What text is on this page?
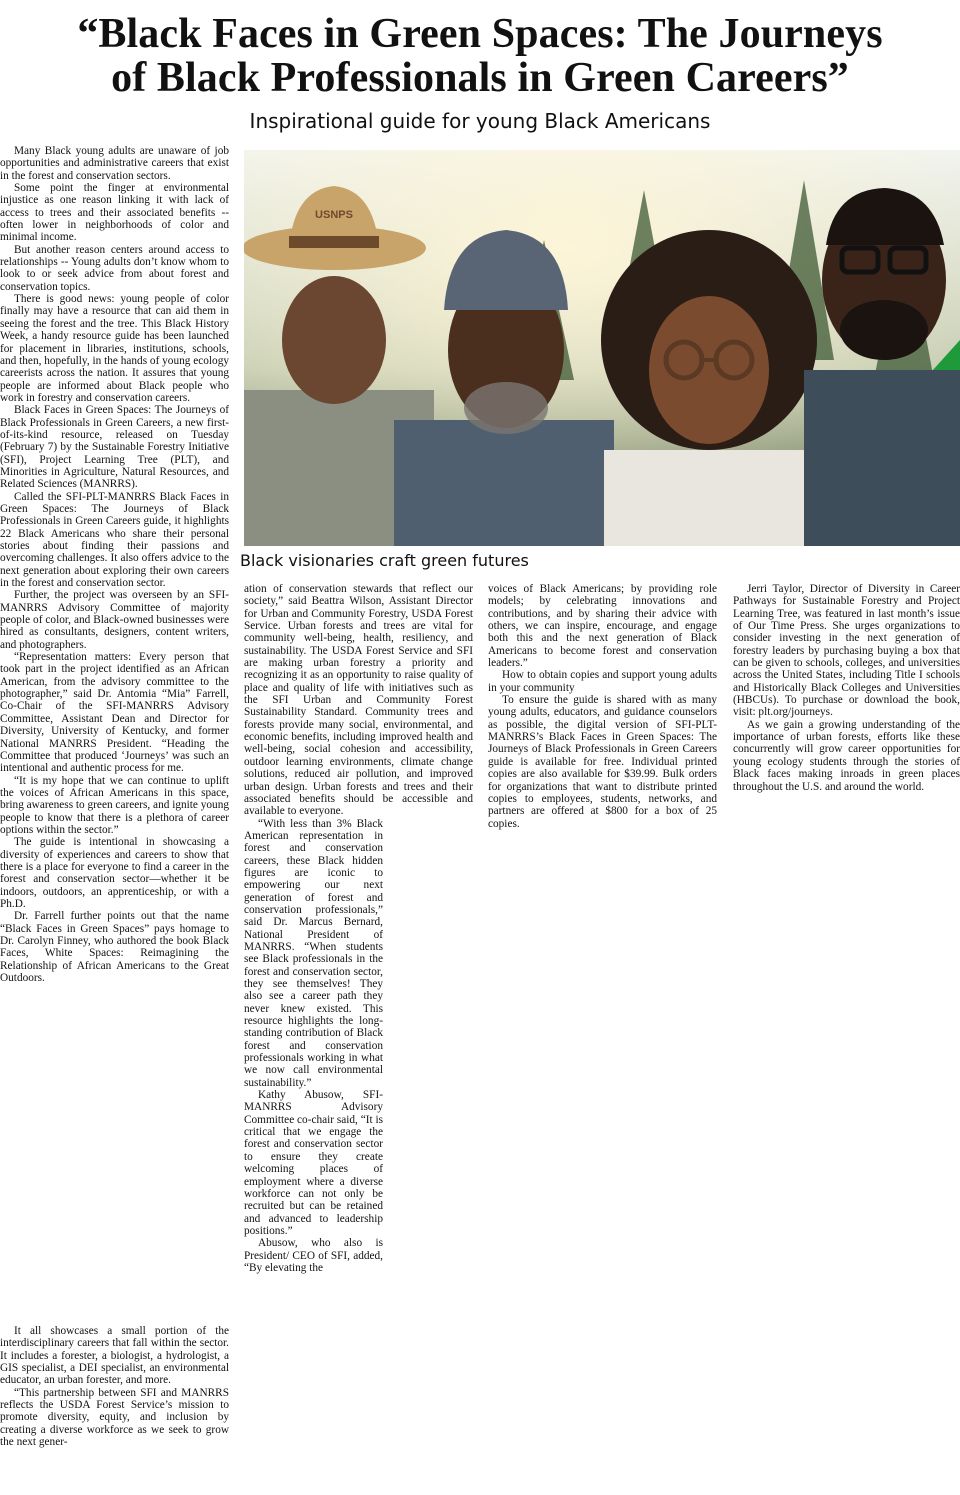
“Black Faces in Green Spaces: The Journeys
of Black Professionals in Green Careers”

Inspirational guide for young Black Americans

Many Black young adults are unaware of job opportunities and administrative careers that exist in the forest and conservation sectors.

Some point the finger at environmental injustice as one reason linking it with lack of access to trees and their associated benefits -- often lower in neighborhoods of color and minimal income.

But another reason centers around access to relationships -- Young adults don’t know whom to look to or seek advice from about forest and conservation topics.

There is good news: young people of color finally may have a resource that can aid them in seeing the forest and the tree. This Black History Week, a handy resource guide has been launched for placement in libraries, institutions, schools, and then, hopefully, in the hands of young ecology careerists across the nation. It assures that young people are informed about Black people who work in forestry and conservation careers.

Black Faces in Green Spaces: The Journeys of Black Professionals in Green Careers, a new first-of-its-kind resource, released on Tuesday (February 7) by the Sustainable Forestry Initiative (SFI), Project Learning Tree (PLT), and Minorities in Agriculture, Natural Resources, and Related Sciences (MANRRS).

Called the SFI-PLT-MANRRS Black Faces in Green Spaces: The Journeys of Black Professionals in Green Careers guide, it highlights 22 Black Americans who share their personal stories about finding their passions and overcoming challenges. It also offers advice to the next generation about exploring their own careers in the forest and conservation sector.

Further, the project was overseen by an SFI-MANRRS Advisory Committee of majority people of color, and Black-owned businesses were hired as consultants, designers, content writers, and photographers.

“Representation matters: Every person that took part in the project identified as an African American, from the advisory committee to the photographer,” said Dr. Antomia “Mia” Farrell, Co-Chair of the SFI-MANRRS Advisory Committee, Assistant Dean and Director for Diversity, University of Kentucky, and former National MANRRS President. “Heading the Committee that produced ‘Journeys’ was such an intentional and authentic process for me.

“It is my hope that we can continue to uplift the voices of African Americans in this space, bring awareness to green careers, and ignite young people to know that there is a plethora of career options within the sector.”

The guide is intentional in showcasing a diversity of experiences and careers to show that there is a place for everyone to find a career in the forest and conservation sector—whether it be indoors, outdoors, an apprenticeship, or with a Ph.D.

Dr. Farrell further points out that the name “Black Faces in Green Spaces” pays homage to Dr. Carolyn Finney, who authored the book Black Faces, White Spaces: Reimagining the Relationship of African Americans to the Great Outdoors.

It all showcases a small portion of the interdisciplinary careers that fall within the sector. It includes a forester, a biologist, a hydrologist, a GIS specialist, a DEI specialist, an environmental educator, an urban forester, and more.

“This partnership between SFI and MANRRS reflects the USDA Forest Service’s mission to promote diversity, equity, and inclusion by creating a diverse workforce as we seek to grow the next gener-

USNPS

Black visionaries craft green futures

ation of conservation stewards that reflect our society,” said Beattra Wilson, Assistant Director for Urban and Community Forestry, USDA Forest Service. Urban forests and trees are vital for community well-being, health, resiliency, and sustainability. The USDA Forest Service and SFI are making urban forestry a priority and recognizing it as an opportunity to raise quality of place and quality of life with initiatives such as the SFI Urban and Community Forest Sustainability Standard. Community trees and forests provide many social, environmental, and economic benefits, including improved health and well-being, social cohesion and accessibility, outdoor learning environments, climate change solutions, reduced air pollution, and improved urban design. Urban forests and trees and their associated benefits should be accessible and available to everyone.

“With less than 3% Black American representation in forest and conservation careers, these Black hidden figures are iconic to empowering our next generation of forest and conservation professionals,” said Dr. Marcus Bernard, National President of MANRRS. “When students see Black professionals in the forest and conservation sector, they see themselves! They also see a career path they never knew existed. This resource highlights the long-standing contribution of Black forest and conservation professionals working in what we now call environmental sustainability.”

Kathy Abusow, SFI-MANRRS Advisory Committee co-chair said, “It is critical that we engage the forest and conservation sector to ensure they create welcoming places of employment where a diverse workforce can not only be recruited but can be retained and advanced to leadership positions.”

Abusow, who also is President/ CEO of SFI, added, “By elevating the

voices of Black Americans; by providing role models; by celebrating innovations and contributions, and by sharing their advice with others, we can inspire, encourage, and engage both this and the next generation of Black Americans to become forest and conservation leaders.”

How to obtain copies and support young adults in your community

To ensure the guide is shared with as many young adults, educators, and guidance counselors as possible, the digital version of SFI-PLT-MANRRS’s Black Faces in Green Spaces: The Journeys of Black Professionals in Green Careers guide is available for free. Individual printed copies are also available for $39.99. Bulk orders for organizations that want to distribute printed copies to employees, students, networks, and partners are offered at $800 for a box of 25 copies.

Jerri Taylor, Director of Diversity in Career Pathways for Sustainable Forestry and Project Learning Tree, was featured in last month’s issue of Our Time Press. She urges organizations to consider investing in the next generation of forestry leaders by purchasing buying a box that can be given to schools, colleges, and universities across the United States, including Title I schools and Historically Black Colleges and Universities (HBCUs). To purchase or download the book, visit: plt.org/journeys.

As we gain a growing understanding of the importance of urban forests, efforts like these concurrently will grow career opportunities for young ecology students through the stories of Black faces making inroads in green places throughout the U.S. and around the world.
